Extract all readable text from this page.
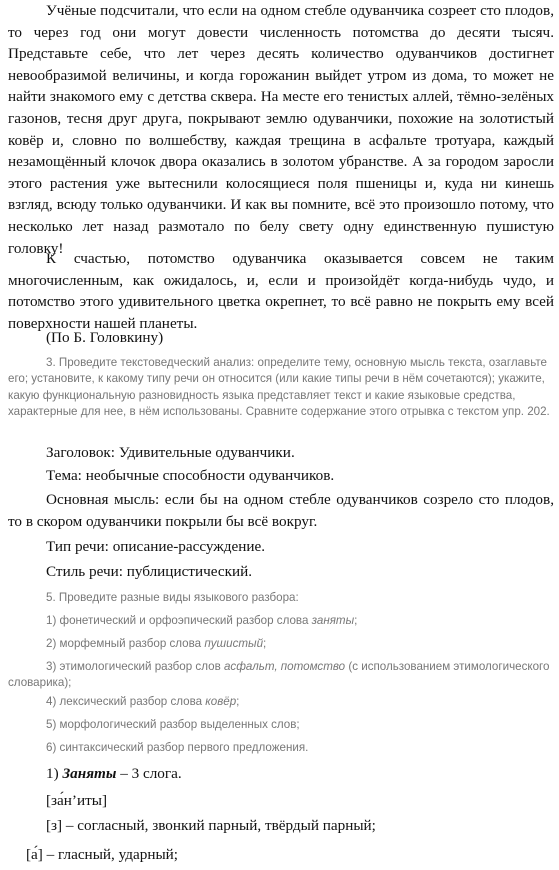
Учёные подсчитали, что если на одном стебле одуванчика созреет сто плодов, то через год они могут довести численность потомства до десяти тысяч. Представьте себе, что лет через десять количество одуванчиков достигнет невообразимой величины, и когда горожанин выйдет утром из дома, то может не найти знакомого ему с детства сквера. На месте его тенистых аллей, тёмно-зелёных газонов, тесня друг друга, покрывают землю одуванчики, похожие на золотистый ковёр и, словно по волшебству, каждая трещина в асфальте тротуара, каждый незамощённый клочок двора оказались в золотом убранстве. А за городом заросли этого растения уже вытеснили колосящиеся поля пшеницы и, куда ни кинешь взгляд, всюду только одуванчики. И как вы помните, всё это произошло потому, что несколько лет назад размотало по белу свету одну единственную пушистую головку!

К счастью, потомство одуванчика оказывается совсем не таким многочисленным, как ожидалось, и, если и произойдёт когда-нибудь чудо, и потомство этого удивительного цветка окрепнет, то всё равно не покрыть ему всей поверхности нашей планеты.

(По Б. Головкину)

3. Проведите текстоведческий анализ: определите тему, основную мысль текста, озаглавьте его; установите, к какому типу речи он относится (или какие типы речи в нём сочетаются); укажите, какую функциональную разновидность языка представляет текст и какие языковые средства, характерные для нее, в нём использованы. Сравните содержание этого отрывка с текстом упр. 202.

Заголовок: Удивительные одуванчики.

Тема: необычные способности одуванчиков.

Основная мысль: если бы на одном стебле одуванчиков созрело сто плодов, то в скором одуванчики покрыли бы всё вокруг.

Тип речи: описание-рассуждение.

Стиль речи: публицистический.

5. Проведите разные виды языкового разбора:

1) фонетический и орфоэпический разбор слова заняты;

2) морфемный разбор слова пушистый;

3) этимологический разбор слов асфальт, потомство (с использованием этимологического словарика);

4) лексический разбор слова ковёр;

5) морфологический разбор выделенных слов;

6) синтаксический разбор первого предложения.

1) Заняты – 3 слога.

[за́н’иты]

[з] – согласный, звонкий парный, твёрдый парный;

[а́] – гласный, ударный;
